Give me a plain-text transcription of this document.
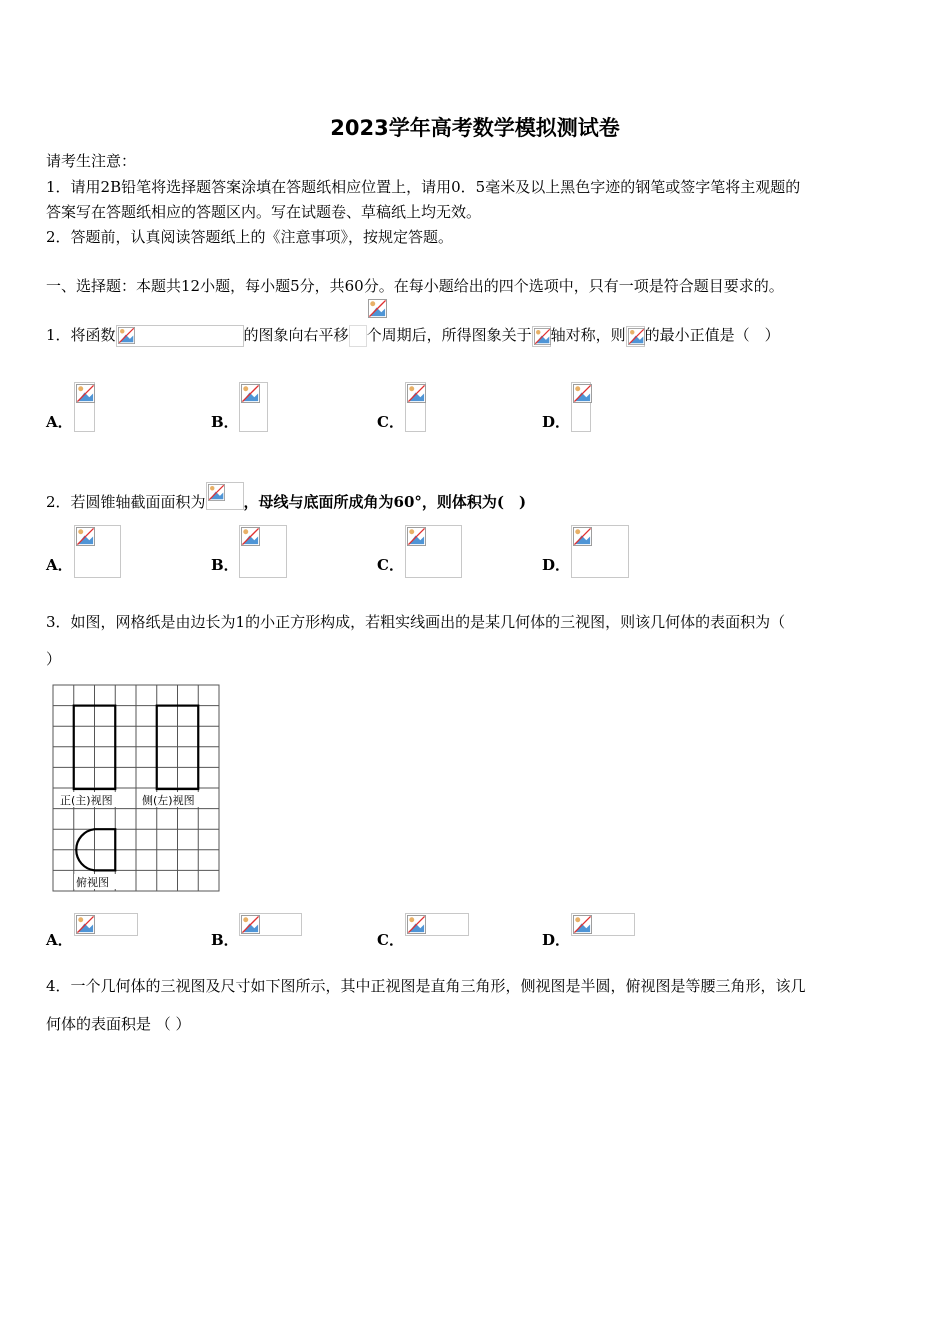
2023学年高考数学模拟测试卷
请考生注意：
1．请用2B铅笔将选择题答案涂填在答题纸相应位置上，请用0．5毫米及以上黑色字迹的钢笔或签字笔将主观题的
答案写在答题纸相应的答题区内。写在试题卷、草稿纸上均无效。
2．答题前，认真阅读答题纸上的《注意事项》，按规定答题。
一、选择题：本题共12小题，每小题5分，共60分。在每小题给出的四个选项中，只有一项是符合题目要求的。
1．将函数	的图象向右平移 个周期后，所得图象关于 轴对称，则 的最小正值是（　）
A．	B．	C．	D．
2．若圆锥轴截面面积为	，母线与底面所成角为60°，则体积为(　)
A．	B．	C．	D．
3．如图，网格纸是由边长为1的小正方形构成，若粗实线画出的是某几何体的三视图，则该几何体的表面积为（
）
正(主)视图	侧(左)视图
俯视图
A．	B．	C．	D．
4．一个几何体的三视图及尺寸如下图所示，其中正视图是直角三角形，侧视图是半圆，俯视图是等腰三角形，该几
何体的表面积是 （ ）
